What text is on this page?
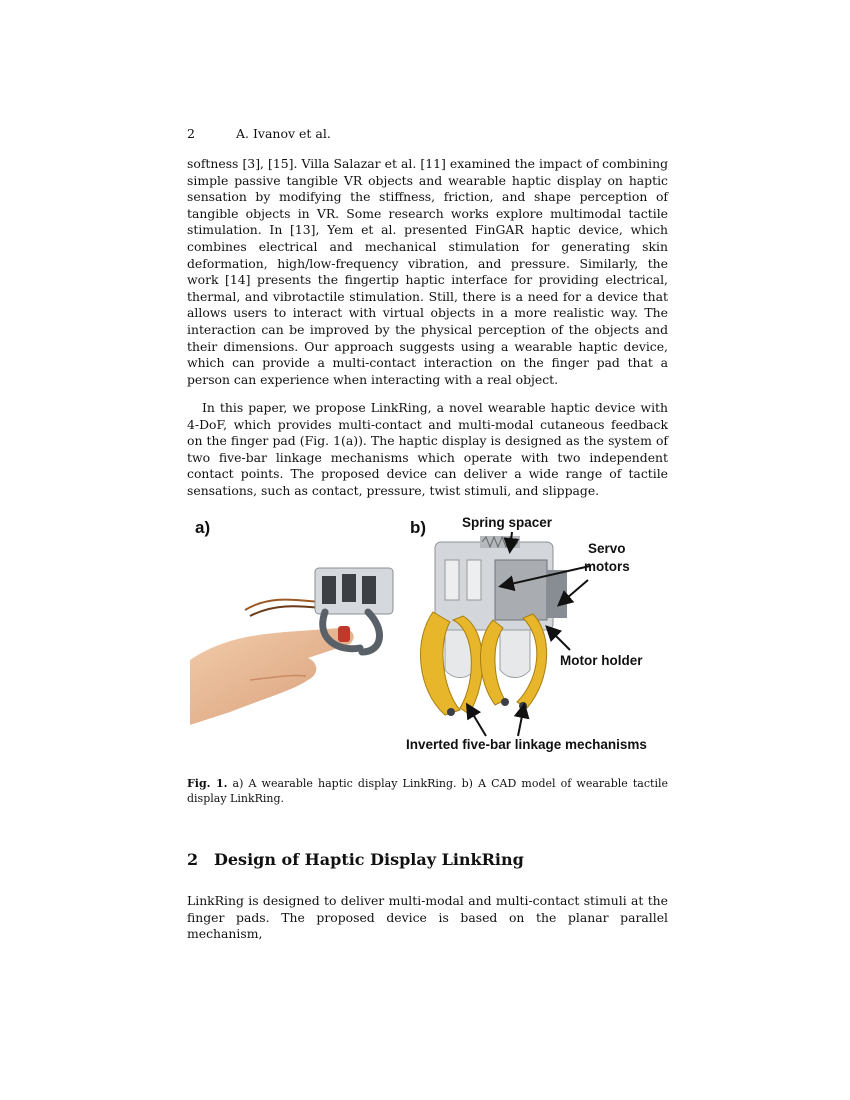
2	A. Ivanov et al.

softness [3], [15]. Villa Salazar et al. [11] examined the impact of combining simple passive tangible VR objects and wearable haptic display on haptic sensation by modifying the stiffness, friction, and shape perception of tangible objects in VR. Some research works explore multimodal tactile stimulation. In [13], Yem et al. presented FinGAR haptic device, which combines electrical and mechanical stimulation for generating skin deformation, high/low-frequency vibration, and pressure. Similarly, the work [14] presents the fingertip haptic interface for providing electrical, thermal, and vibrotactile stimulation. Still, there is a need for a device that allows users to interact with virtual objects in a more realistic way. The interaction can be improved by the physical perception of the objects and their dimensions. Our approach suggests using a wearable haptic device, which can provide a multi-contact interaction on the finger pad that a person can experience when interacting with a real object.

In this paper, we propose LinkRing, a novel wearable haptic device with 4-DoF, which provides multi-contact and multi-modal cutaneous feedback on the finger pad (Fig. 1(a)). The haptic display is designed as the system of two five-bar linkage mechanisms which operate with two independent contact points. The proposed device can deliver a wide range of tactile sensations, such as contact, pressure, twist stimuli, and slippage.

a)	b)	Spring spacer
Servo
motors
Motor holder
Inverted five-bar linkage mechanisms

Fig. 1. a) A wearable haptic display LinkRing. b) A CAD model of wearable tactile display LinkRing.

2 Design of Haptic Display LinkRing

LinkRing is designed to deliver multi-modal and multi-contact stimuli at the finger pads. The proposed device is based on the planar parallel mechanism,
